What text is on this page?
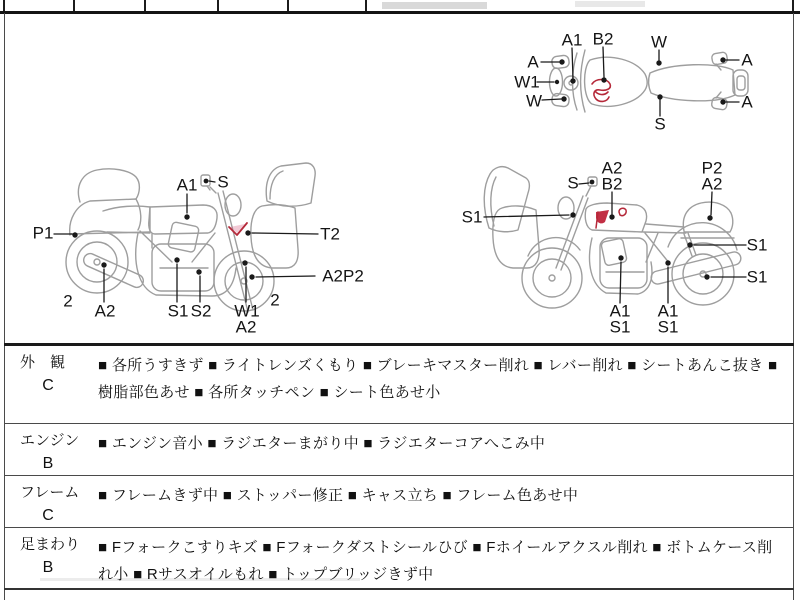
A1 B2 W
A
A
W1
W
S
A
A1 S
P1	T2
A2P2
2
A2	S1 S2 W1
A2
2
A2
B2
S
P2
A2
S1
S1
S1
A1
S1
A1
S1
外　観
C
■ 各所うすきず ■ ライトレンズくもり ■ ブレーキマスター削れ ■ レバー削れ ■ シートあんこ抜き ■ 樹脂部色あせ ■ 各所タッチペン ■ シート色あせ小
エンジン
B
■ エンジン音小 ■ ラジエターまがり中 ■ ラジエターコアへこみ中
フレーム
C
■ フレームきず中 ■ ストッパー修正 ■ キャス立ち ■ フレーム色あせ中
足まわり
B
■ Fフォークこすりキズ ■ Fフォークダストシールひび ■ Fホイールアクスル削れ ■ ボトムケース削れ小 ■ Rサスオイルもれ ■ トップブリッジきず中
